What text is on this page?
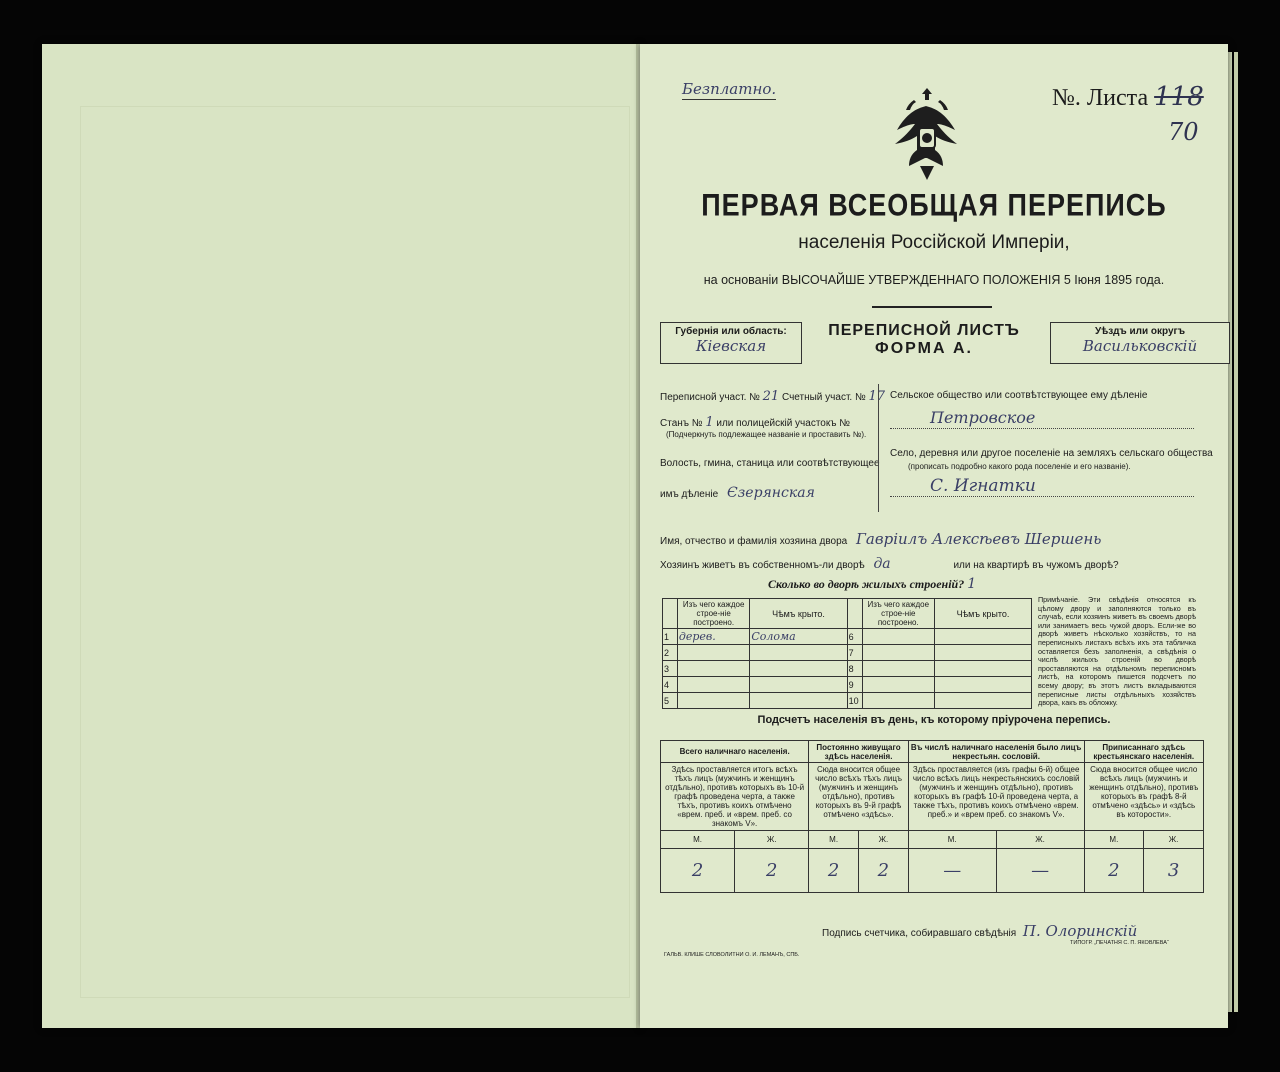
Безплатно.	№. Листа 118
70
ПЕРВАЯ ВСЕОБЩАЯ ПЕРЕПИСЬ
населенія Россійской Имперіи,
на основаніи ВЫСОЧАЙШЕ УТВЕРЖДЕННАГО ПОЛОЖЕНІЯ 5 Іюня 1895 года.
Губернія или область:
Кіевская
ПЕРЕПИСНОЙ ЛИСТЪ
ФОРМА А.
Уѣздъ или округъ
Васильковскій
Переписной участ. № 21 Счетный участ. № 17
Станъ № 1 или полицейскій участокъ №
(Подчеркнуть подлежащее названіе и проставить №).
Волость, гмина, станица или соотвѣтствующее
имъ дѣленіе Єзерянская
Сельское общество или соотвѣтствующее ему дѣленіе
Петровское
Село, деревня или другое поселеніе на земляхъ сельскаго общества
(прописать подробно какого рода поселеніе и его названіе).
С. Игнатки
Имя, отчество и фамилія хозяина двора Гавріилъ Алексѣевъ Шершень
Хозяинъ живетъ въ собственномъ-ли дворѣ да	или на квартирѣ въ чужомъ дворѣ?
Сколько во дворѣ жилыхъ строеній? 1
	Изъ чего каждое строе-ніе построено.	Чѣмъ крыто.		Изъ чего каждое строе-ніе построено.	Чѣмъ крыто.
1	дерев.	Солома	6		
2			7		
3			8		
4			9		
5			10		
Примѣчаніе. Эти свѣдѣнія относятся къ цѣлому двору и заполняются только въ случаѣ, если хозяинъ живетъ въ своемъ дворѣ или занимаетъ весь чужой дворъ. Если-же во дворѣ живетъ нѣсколько хозяйствъ, то на переписныхъ листахъ всѣхъ ихъ эта табличка оставляется безъ заполненія, а свѣдѣнія о числѣ жилыхъ строеній во дворѣ проставляются на отдѣльномъ переписномъ листѣ, на которомъ пишется подсчетъ по всему двору; въ этотъ листъ вкладываются переписные листы отдѣльныхъ хозяйствъ двора, какъ въ обложку.
Подсчетъ населенія въ день, къ которому пріурочена перепись.
Всего наличнаго населенія.		Постоянно живущаго здѣсь населенія.		Въ числѣ наличнаго населенія было лицъ некрестьян. сословій.		Приписаннаго здѣсь крестьянскаго населенія.	
Здѣсь проставляется итогъ всѣхъ тѣхъ лицъ (мужчинъ и женщинъ отдѣльно), противъ которыхъ въ 10-й графѣ проведена черта, а также тѣхъ, противъ коихъ отмѣчено «врем. преб. и «врем. преб. со знакомъ V».		Сюда вносится общее число всѣхъ тѣхъ лицъ (мужчинъ и женщинъ отдѣльно), противъ которыхъ въ 9-й графѣ отмѣчено «здѣсь».		Здѣсь проставляется (изъ графы 6-й) общее число всѣхъ лицъ некрестьянскихъ сословій (мужчинъ и женщинъ отдѣльно), противъ которыхъ въ графѣ 10-й проведена черта, а также тѣхъ, противъ коихъ отмѣчено «врем. преб.» и «врем преб. со знакомъ V».		Сюда вносится общее число всѣхъ лицъ (мужчинъ и женщинъ отдѣльно), противъ которыхъ въ графѣ 8-й отмѣчено «здѣсь» и «здѣсь въ которости».	
М.	Ж.	М.	Ж.	М.	Ж.	М.	Ж.
2	2	2	2	—	—	2	3
Подпись счетчика, собиравшаго свѣдѣнія П. Олоринскій
ГАЛЬВ. КЛИШЕ СЛОВОЛИТНИ О. И. ЛЕМАНЪ, СПБ.
ТИПОГР. „ПЕЧАТНЯ С. П. ЯКОВЛЕВА“
